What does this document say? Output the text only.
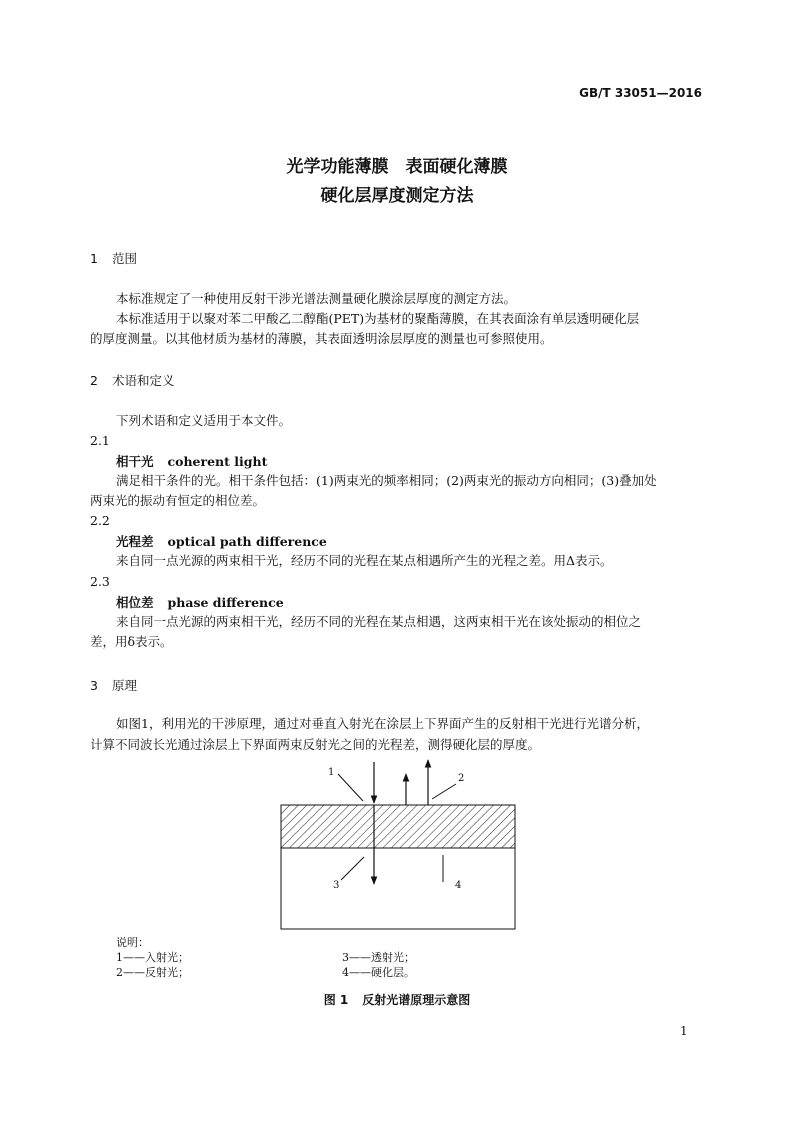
GB/T 33051—2016
光学功能薄膜　表面硬化薄膜
硬化层厚度测定方法
1 范围
本标准规定了一种使用反射干涉光谱法测量硬化膜涂层厚度的测定方法。
本标准适用于以聚对苯二甲酸乙二醇酯(PET)为基材的聚酯薄膜，在其表面涂有单层透明硬化层
的厚度测量。以其他材质为基材的薄膜，其表面透明涂层厚度的测量也可参照使用。
2 术语和定义
下列术语和定义适用于本文件。
2.1
相干光 coherent light
满足相干条件的光。相干条件包括：(1)两束光的频率相同；(2)两束光的振动方向相同；(3)叠加处
两束光的振动有恒定的相位差。
2.2
光程差 optical path difference
来自同一点光源的两束相干光，经历不同的光程在某点相遇所产生的光程之差。用Δ表示。
2.3
相位差 phase difference
来自同一点光源的两束相干光，经历不同的光程在某点相遇，这两束相干光在该处振动的相位之
差，用δ表示。
3 原理
如图1，利用光的干涉原理，通过对垂直入射光在涂层上下界面产生的反射相干光进行光谱分析，
计算不同波长光通过涂层上下界面两束反射光之间的光程差，测得硬化层的厚度。
1
2
3	4
说明：
1——入射光；
2——反射光；
3——透射光；
4——硬化层。
图 1 反射光谱原理示意图
1
